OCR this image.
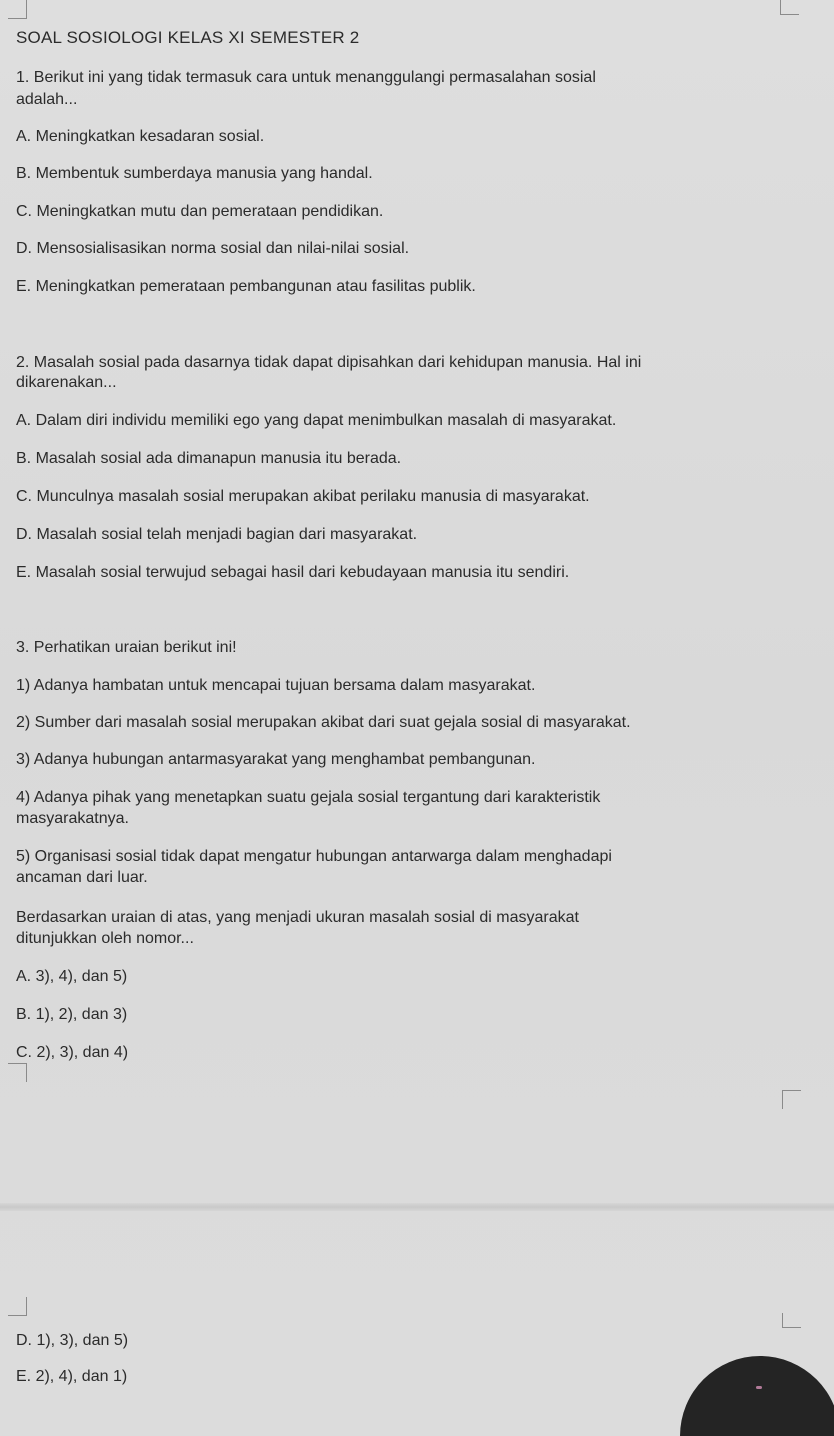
SOAL SOSIOLOGI KELAS XI SEMESTER 2
1. Berikut ini yang tidak termasuk cara untuk menanggulangi permasalahan sosial
adalah...
A. Meningkatkan kesadaran sosial.
B. Membentuk sumberdaya manusia yang handal.
C. Meningkatkan mutu dan pemerataan pendidikan.
D. Mensosialisasikan norma sosial dan nilai-nilai sosial.
E. Meningkatkan pemerataan pembangunan atau fasilitas publik.
2. Masalah sosial pada dasarnya tidak dapat dipisahkan dari kehidupan manusia. Hal ini
dikarenakan...
A. Dalam diri individu memiliki ego yang dapat menimbulkan masalah di masyarakat.
B. Masalah sosial ada dimanapun manusia itu berada.
C. Munculnya masalah sosial merupakan akibat perilaku manusia di masyarakat.
D. Masalah sosial telah menjadi bagian dari masyarakat.
E. Masalah sosial terwujud sebagai hasil dari kebudayaan manusia itu sendiri.
3. Perhatikan uraian berikut ini!
1) Adanya hambatan untuk mencapai tujuan bersama dalam masyarakat.
2) Sumber dari masalah sosial merupakan akibat dari suat gejala sosial di masyarakat.
3) Adanya hubungan antarmasyarakat yang menghambat pembangunan.
4) Adanya pihak yang menetapkan suatu gejala sosial tergantung dari karakteristik
masyarakatnya.
5) Organisasi sosial tidak dapat mengatur hubungan antarwarga dalam menghadapi
ancaman dari luar.
Berdasarkan uraian di atas, yang menjadi ukuran masalah sosial di masyarakat
ditunjukkan oleh nomor...
A. 3), 4), dan 5)
B. 1), 2), dan 3)
C. 2), 3), dan 4)
D. 1), 3), dan 5)
E. 2), 4), dan 1)
